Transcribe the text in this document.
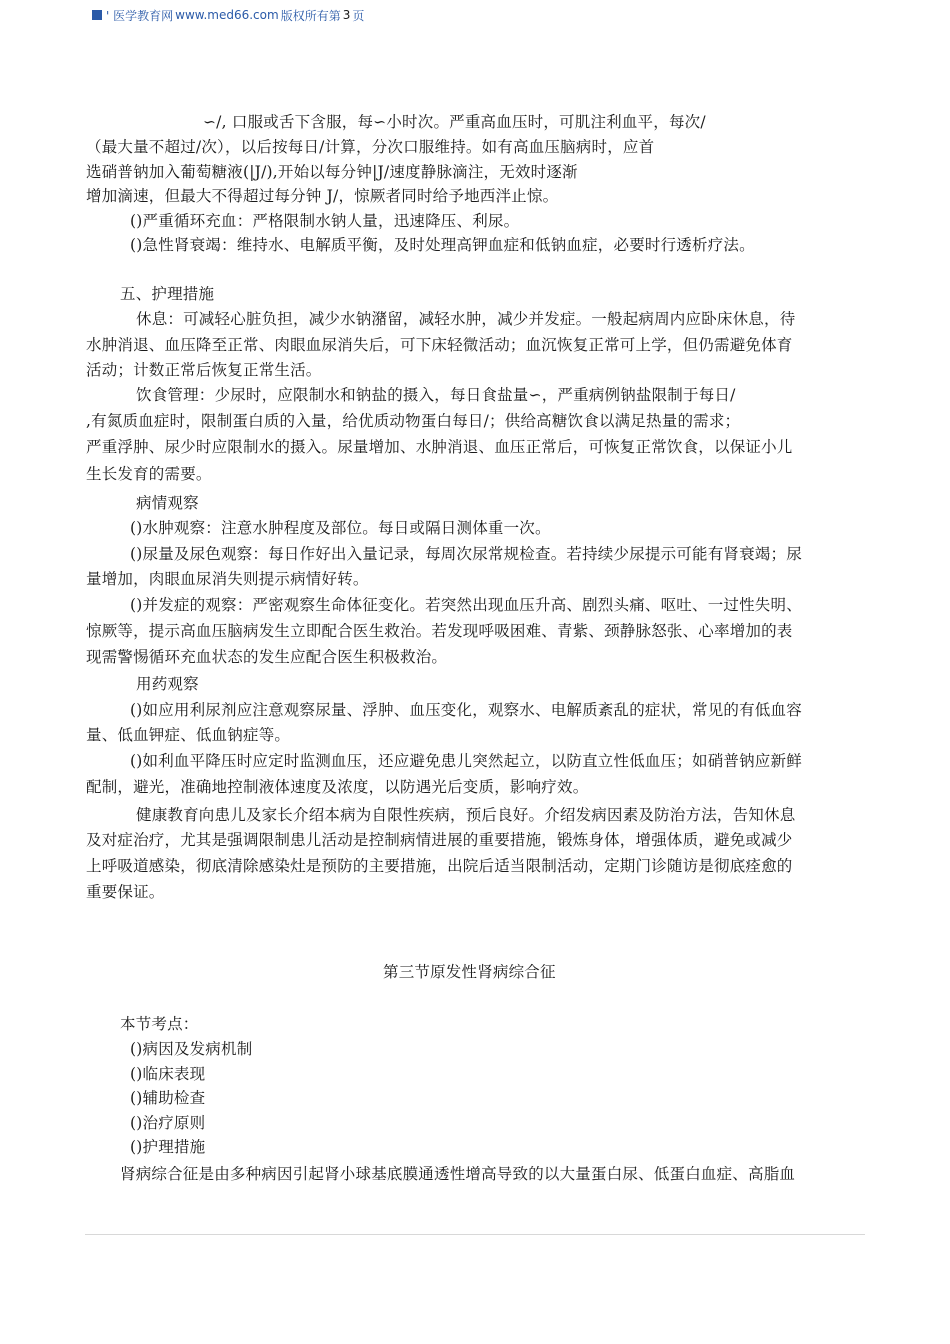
' 医学教育网 www.med66.com 版权所有第 3 页
∽/, 口服或舌下含服，每∽小时次。严重高血压时，可肌注利血平，每次/
（最大量不超过/次），以后按每日/计算，分次口服维持。如有高血压脑病时，应首
选硝普钠加入葡萄糖液(|J/),开始以每分钟|J/速度静脉滴注，无效时逐渐
增加滴速，但最大不得超过每分钟 J/，惊厥者同时给予地西泮止惊。
()严重循环充血：严格限制水钠人量，迅速降压、利尿。
()急性肾衰竭：维持水、电解质平衡，及时处理高钾血症和低钠血症，必要时行透析疗法。
五、护理措施
休息：可减轻心脏负担，减少水钠潴留，减轻水肿，减少并发症。一般起病周内应卧床休息，待
水肿消退、血压降至正常、肉眼血尿消失后，可下床轻微活动；血沉恢复正常可上学，但仍需避免体育
活动；计数正常后恢复正常生活。
饮食管理：少尿时，应限制水和钠盐的摄入，每日食盐量∽，严重病例钠盐限制于每日/
,有氮质血症时，限制蛋白质的入量，给优质动物蛋白每日/；供给高糖饮食以满足热量的需求；
严重浮肿、尿少时应限制水的摄入。尿量增加、水肿消退、血压正常后，可恢复正常饮食，以保证小儿
生长发育的需要。
病情观察
()水肿观察：注意水肿程度及部位。每日或隔日测体重一次。
()尿量及尿色观察：每日作好出入量记录，每周次尿常规检查。若持续少尿提示可能有肾衰竭；尿
量增加，肉眼血尿消失则提示病情好转。
()并发症的观察：严密观察生命体征变化。若突然出现血压升高、剧烈头痛、呕吐、一过性失明、
惊厥等，提示高血压脑病发生立即配合医生救治。若发现呼吸困难、青紫、颈静脉怒张、心率增加的表
现需警惕循环充血状态的发生应配合医生积极救治。
用药观察
()如应用利尿剂应注意观察尿量、浮肿、血压变化，观察水、电解质紊乱的症状，常见的有低血容
量、低血钾症、低血钠症等。
()如利血平降压时应定时监测血压，还应避免患儿突然起立，以防直立性低血压；如硝普钠应新鲜
配制，避光，准确地控制液体速度及浓度，以防遇光后变质，影响疗效。
健康教育向患儿及家长介绍本病为自限性疾病，预后良好。介绍发病因素及防治方法，告知休息
及对症治疗，尤其是强调限制患儿活动是控制病情进展的重要措施，锻炼身体，增强体质，避免或减少
上呼吸道感染，彻底清除感染灶是预防的主要措施，出院后适当限制活动，定期门诊随访是彻底痊愈的
重要保证。
第三节原发性肾病综合征
本节考点：
()病因及发病机制
()临床表现
()辅助检查
()治疗原则
()护理措施
肾病综合征是由多种病因引起肾小球基底膜通透性增高导致的以大量蛋白尿、低蛋白血症、高脂血
